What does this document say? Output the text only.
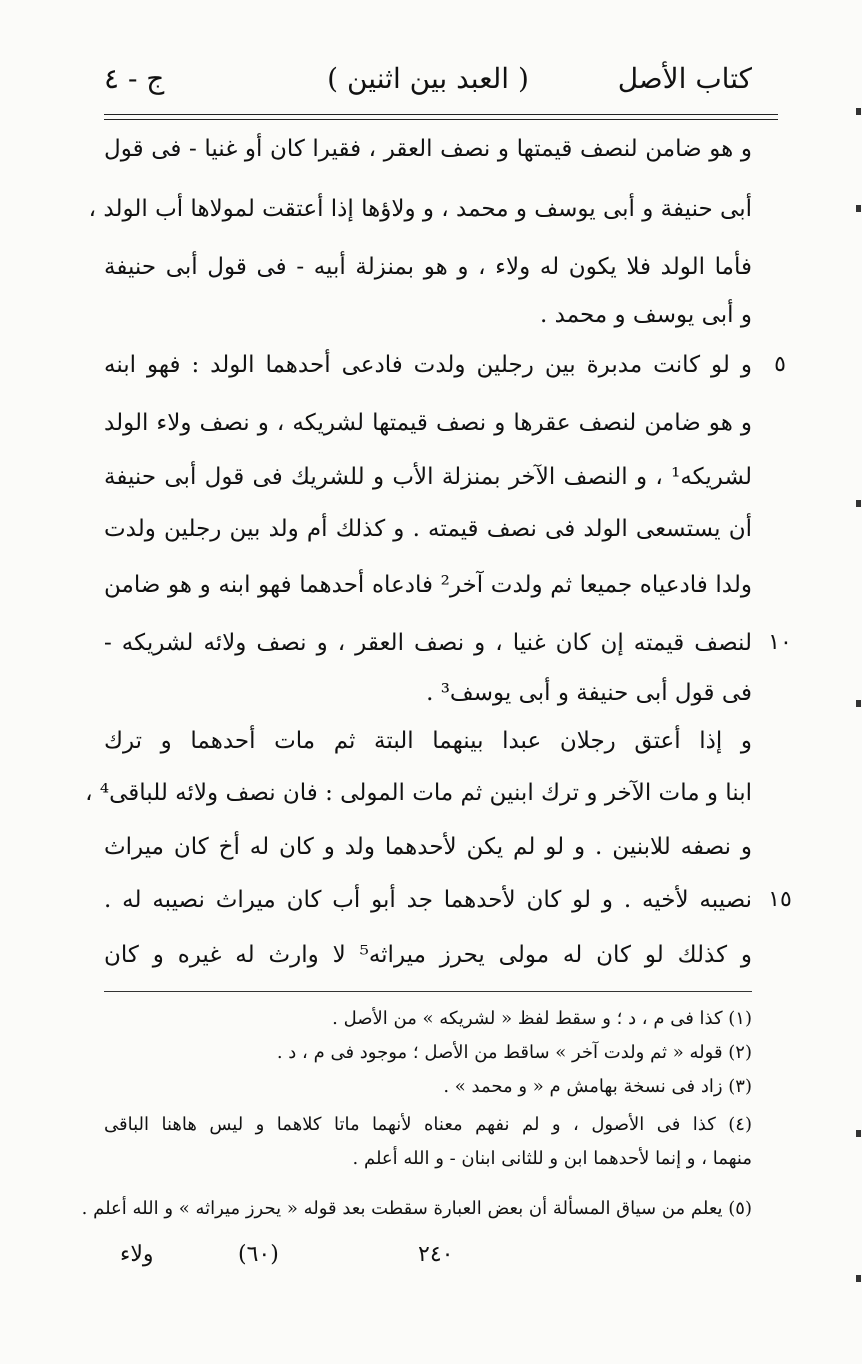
كتاب الأصل
( العبد بين اثنين )
ج - ٤
و هو ضامن لنصف قيمتها و نصف العقر ، فقيرا كان أو غنيا - فى قول
أبى حنيفة و أبى يوسف و محمد ، و ولاؤها إذا أعتقت لمولاها أب الولد ،
فأما الولد فلا يكون له ولاء ، و هو بمنزلة أبيه - فى قول أبى حنيفة
و أبى يوسف و محمد .
و لو كانت مدبرة بين رجلين ولدت فادعى أحدهما الولد : فهو ابنه
و هو ضامن لنصف عقرها و نصف قيمتها لشريكه ، و نصف ولاء الولد
لشريكه¹ ، و النصف الآخر بمنزلة الأب و للشريك فى قول أبى حنيفة
أن يستسعى الولد فى نصف قيمته . و كذلك أم ولد بين رجلين ولدت
ولدا فادعياه جميعا ثم ولدت آخر² فادعاه أحدهما فهو ابنه و هو ضامن
لنصف قيمته إن كان غنيا ، و نصف العقر ، و نصف ولائه لشريكه -
فى قول أبى حنيفة و أبى يوسف³ .
و إذا أعتق رجلان عبدا بينهما البتة ثم مات أحدهما و ترك
ابنا و مات الآخر و ترك ابنين ثم مات المولى : فان نصف ولائه للباقى⁴ ،
و نصفه للابنين . و لو لم يكن لأحدهما ولد و كان له أخ كان ميراث
نصيبه لأخيه . و لو كان لأحدهما جد أبو أب كان ميراث نصيبه له .
و كذلك لو كان له مولى يحرز ميراثه⁵ لا وارث له غيره و كان
٥
١٠
١٥
(١) كذا فى م ، د ؛ و سقط لفظ « لشريكه » من الأصل .
(٢) قوله « ثم ولدت آخر » ساقط من الأصل ؛ موجود فى م ، د .
(٣) زاد فى نسخة بهامش م « و محمد » .
(٤) كذا فى الأصول ، و لم نفهم معناه لأنهما ماتا كلاهما و ليس هاهنا الباقى
منهما ، و إنما لأحدهما ابن و للثانى ابنان - و الله أعلم .
(٥) يعلم من سياق المسألة أن بعض العبارة سقطت بعد قوله « يحرز ميراثه » و الله أعلم .
ولاء	(٦٠)	٢٤٠
